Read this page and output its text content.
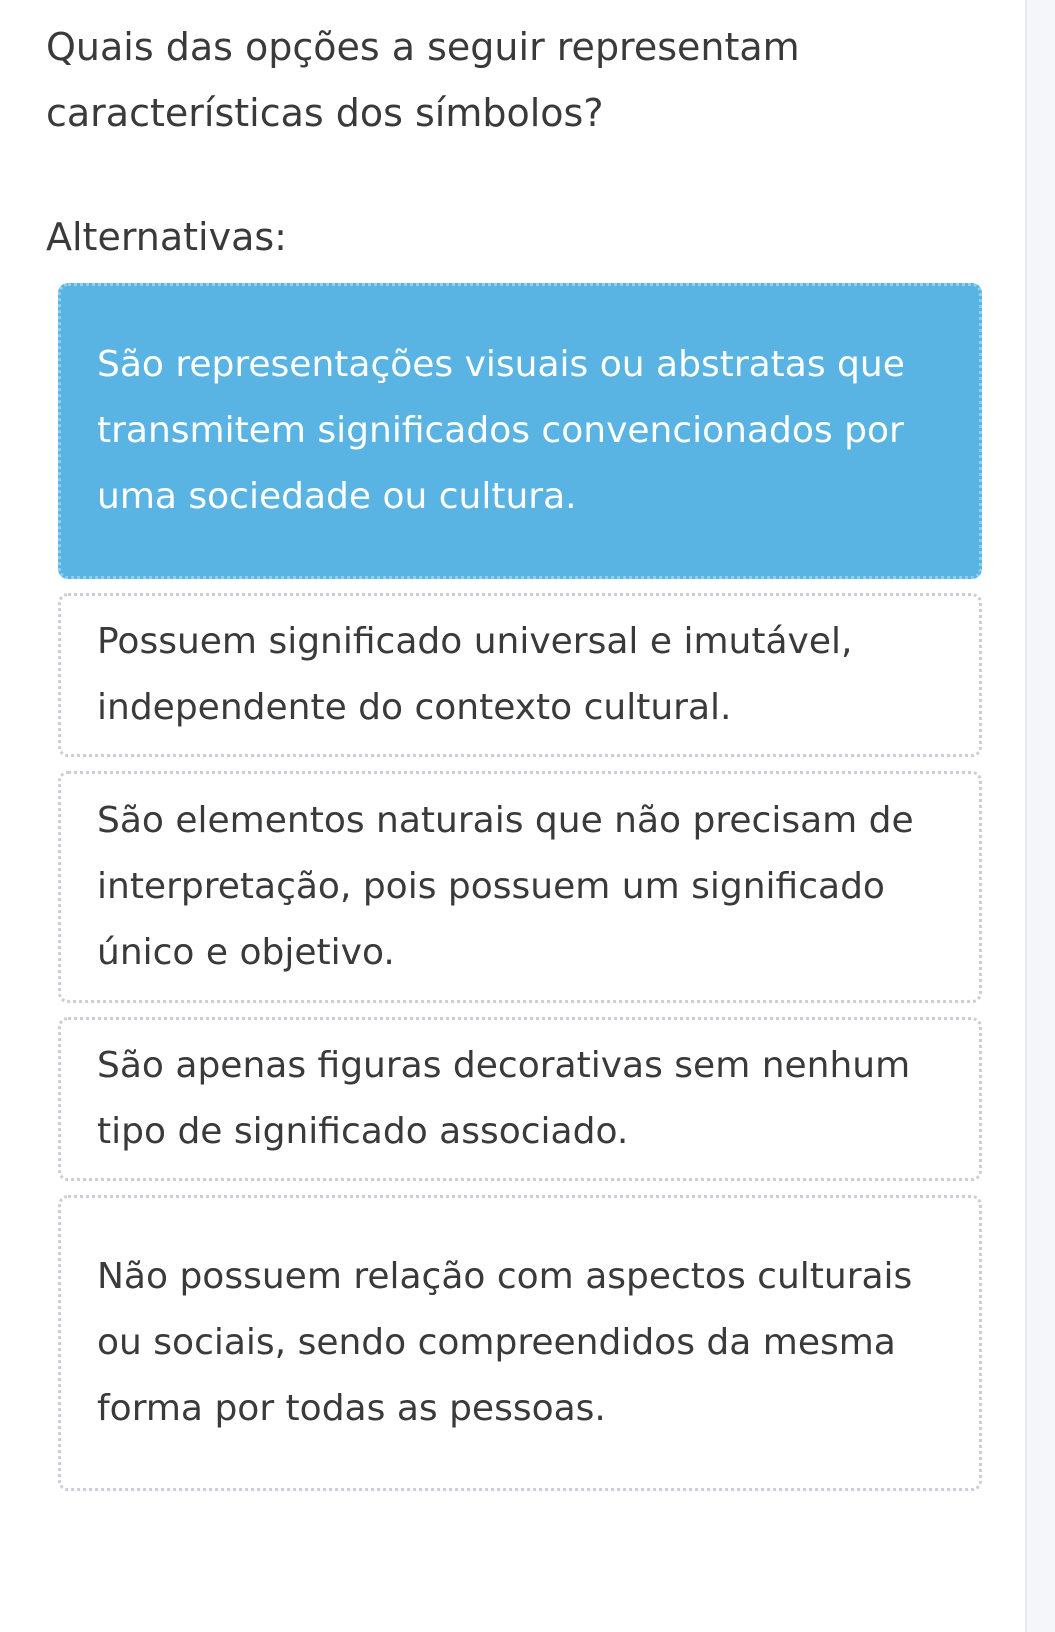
Quais das opções a seguir representam características dos símbolos?
Alternativas:
São representações visuais ou abstratas que transmitem significados convencionados por uma sociedade ou cultura.
Possuem significado universal e imutável, independente do contexto cultural.
São elementos naturais que não precisam de interpretação, pois possuem um significado único e objetivo.
São apenas figuras decorativas sem nenhum tipo de significado associado.
Não possuem relação com aspectos culturais ou sociais, sendo compreendidos da mesma forma por todas as pessoas.
